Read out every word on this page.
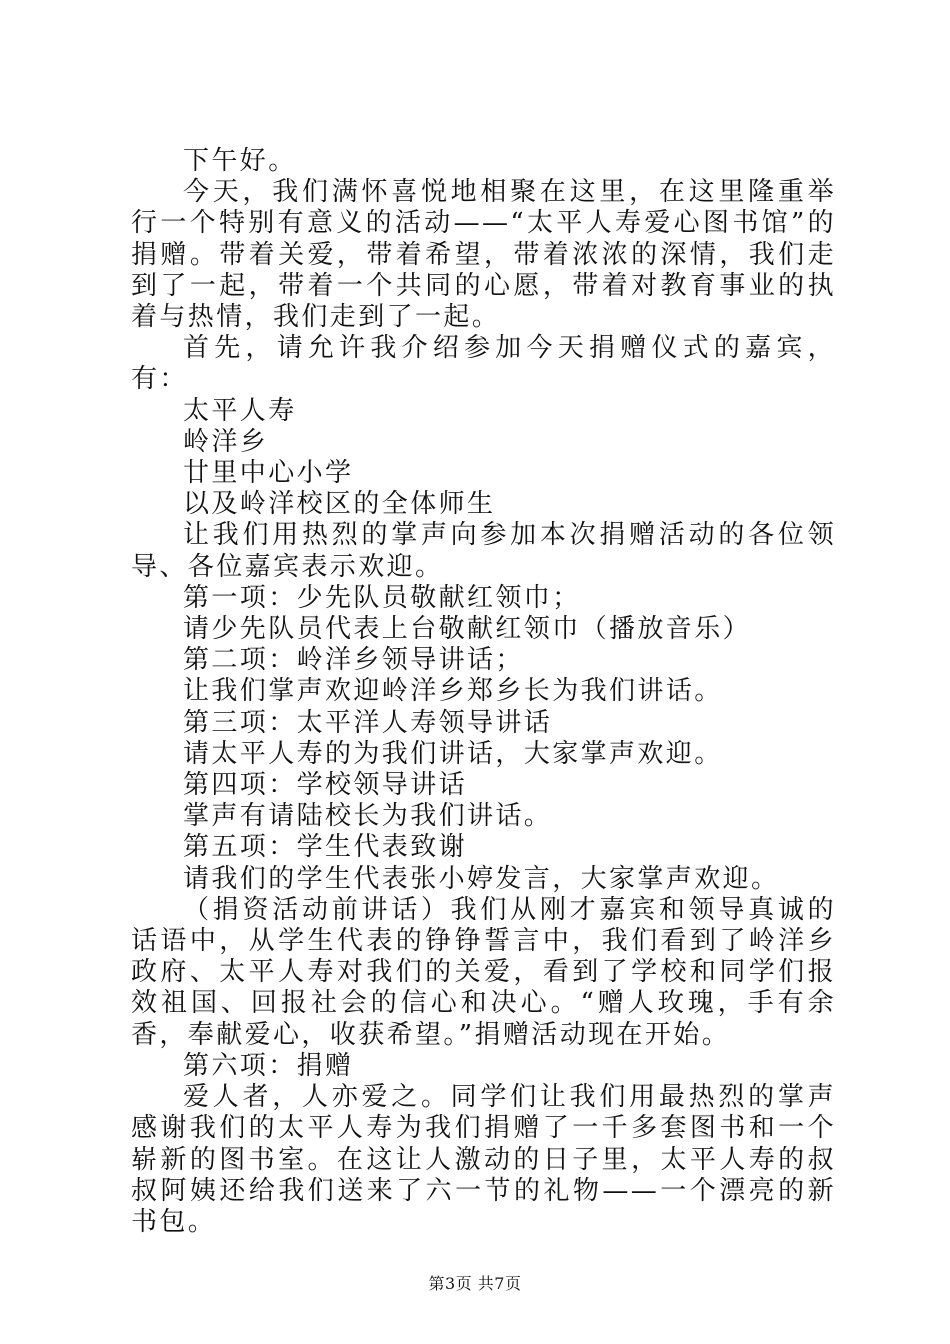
下午好。

今天，我们满怀喜悦地相聚在这里，在这里隆重举行一个特别有意义的活动——“太平人寿爱心图书馆”的捐赠。带着关爱，带着希望，带着浓浓的深情，我们走到了一起，带着一个共同的心愿，带着对教育事业的执着与热情，我们走到了一起。

首先，请允许我介绍参加今天捐赠仪式的嘉宾，有：

太平人寿

岭洋乡

廿里中心小学

以及岭洋校区的全体师生

让我们用热烈的掌声向参加本次捐赠活动的各位领导、各位嘉宾表示欢迎。

第一项：少先队员敬献红领巾；

请少先队员代表上台敬献红领巾（播放音乐）

第二项：岭洋乡领导讲话；

让我们掌声欢迎岭洋乡郑乡长为我们讲话。

第三项：太平洋人寿领导讲话

请太平人寿的为我们讲话，大家掌声欢迎。

第四项：学校领导讲话

掌声有请陆校长为我们讲话。

第五项：学生代表致谢

请我们的学生代表张小婷发言，大家掌声欢迎。

（捐资活动前讲话）我们从刚才嘉宾和领导真诚的话语中，从学生代表的铮铮誓言中，我们看到了岭洋乡政府、太平人寿对我们的关爱，看到了学校和同学们报效祖国、回报社会的信心和决心。“赠人玫瑰，手有余香，奉献爱心，收获希望。”捐赠活动现在开始。

第六项：捐赠

爱人者，人亦爱之。同学们让我们用最热烈的掌声感谢我们的太平人寿为我们捐赠了一千多套图书和一个崭新的图书室。在这让人激动的日子里，太平人寿的叔叔阿姨还给我们送来了六一节的礼物——一个漂亮的新书包。

第3页 共7页
